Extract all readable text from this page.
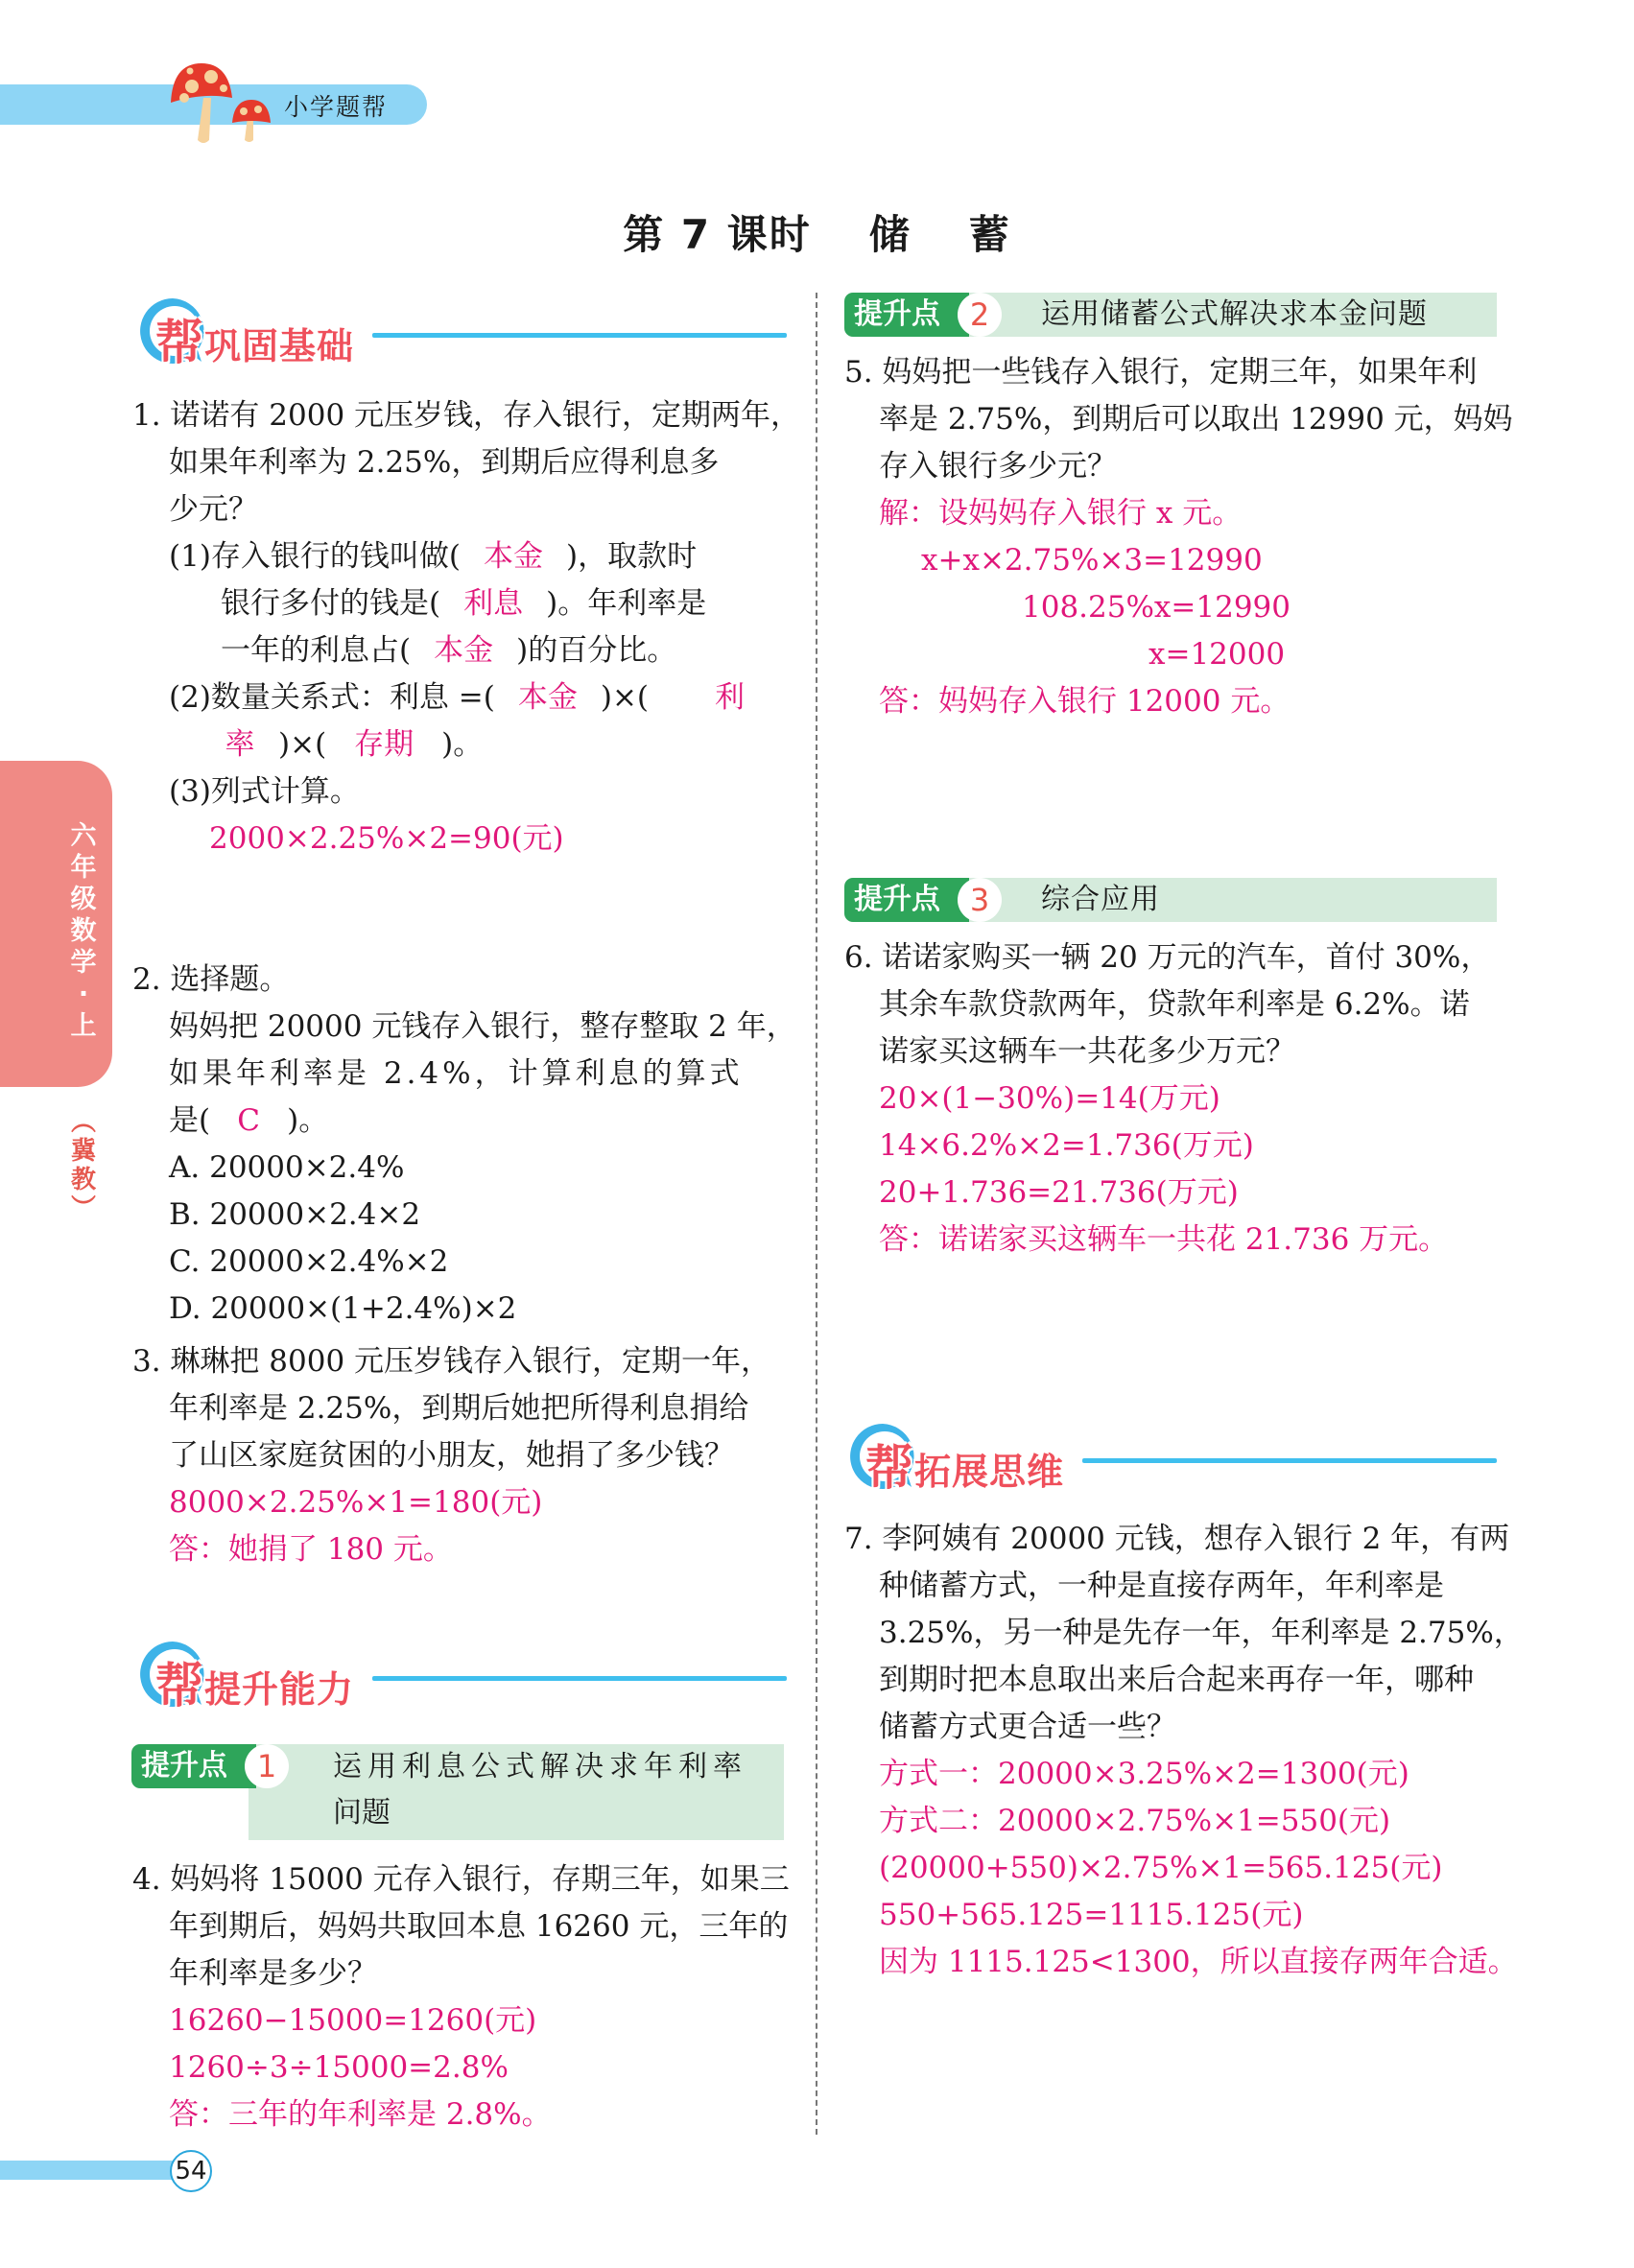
小学题帮
第 7 课时 储 蓄
六
年
级
数
学
·
上
︵
冀
教
︶
帮巩固基础
1. 诺诺有 2000 元压岁钱，存入银行，定期两年，
如果年利率为 2.25%，到期后应得利息多
少元？
(1)存入银行的钱叫做( 本金 )，取款时
银行多付的钱是( 利息 )。年利率是
一年的利息占( 本金 )的百分比。
(2)数量关系式：利息 =( 本金 )×( 利
率 )×( 存期 )。
(3)列式计算。
2000×2.25%×2=90(元)
2. 选择题。
妈妈把 20000 元钱存入银行，整存整取 2 年，
如果年利率是 2.4%，计算利息的算式
是( C )。
A. 20000×2.4%
B. 20000×2.4×2
C. 20000×2.4%×2
D. 20000×(1+2.4%)×2
3. 琳琳把 8000 元压岁钱存入银行，定期一年，
年利率是 2.25%，到期后她把所得利息捐给
了山区家庭贫困的小朋友，她捐了多少钱？
8000×2.25%×1=180(元)
答：她捐了 180 元。
帮提升能力
提升点 1	运用利息公式解决求年利率
问题
4. 妈妈将 15000 元存入银行，存期三年，如果三
年到期后，妈妈共取回本息 16260 元，三年的
年利率是多少？
16260−15000=1260(元)
1260÷3÷15000=2.8%
答：三年的年利率是 2.8%。
提升点 2	运用储蓄公式解决求本金问题
5. 妈妈把一些钱存入银行，定期三年，如果年利
率是 2.75%，到期后可以取出 12990 元，妈妈
存入银行多少元？
解：设妈妈存入银行 x 元。
x+x×2.75%×3=12990
108.25%x=12990
x=12000
答：妈妈存入银行 12000 元。
提升点 3	综合应用
6. 诺诺家购买一辆 20 万元的汽车，首付 30%，
其余车款贷款两年，贷款年利率是 6.2%。诺
诺家买这辆车一共花多少万元？
20×(1−30%)=14(万元)
14×6.2%×2=1.736(万元)
20+1.736=21.736(万元)
答：诺诺家买这辆车一共花 21.736 万元。
帮拓展思维
7. 李阿姨有 20000 元钱，想存入银行 2 年，有两
种储蓄方式，一种是直接存两年，年利率是
3.25%，另一种是先存一年，年利率是 2.75%，
到期时把本息取出来后合起来再存一年，哪种
储蓄方式更合适一些？
方式一：20000×3.25%×2=1300(元)
方式二：20000×2.75%×1=550(元)
(20000+550)×2.75%×1=565.125(元)
550+565.125=1115.125(元)
因为 1115.125<1300，所以直接存两年合适。
54
